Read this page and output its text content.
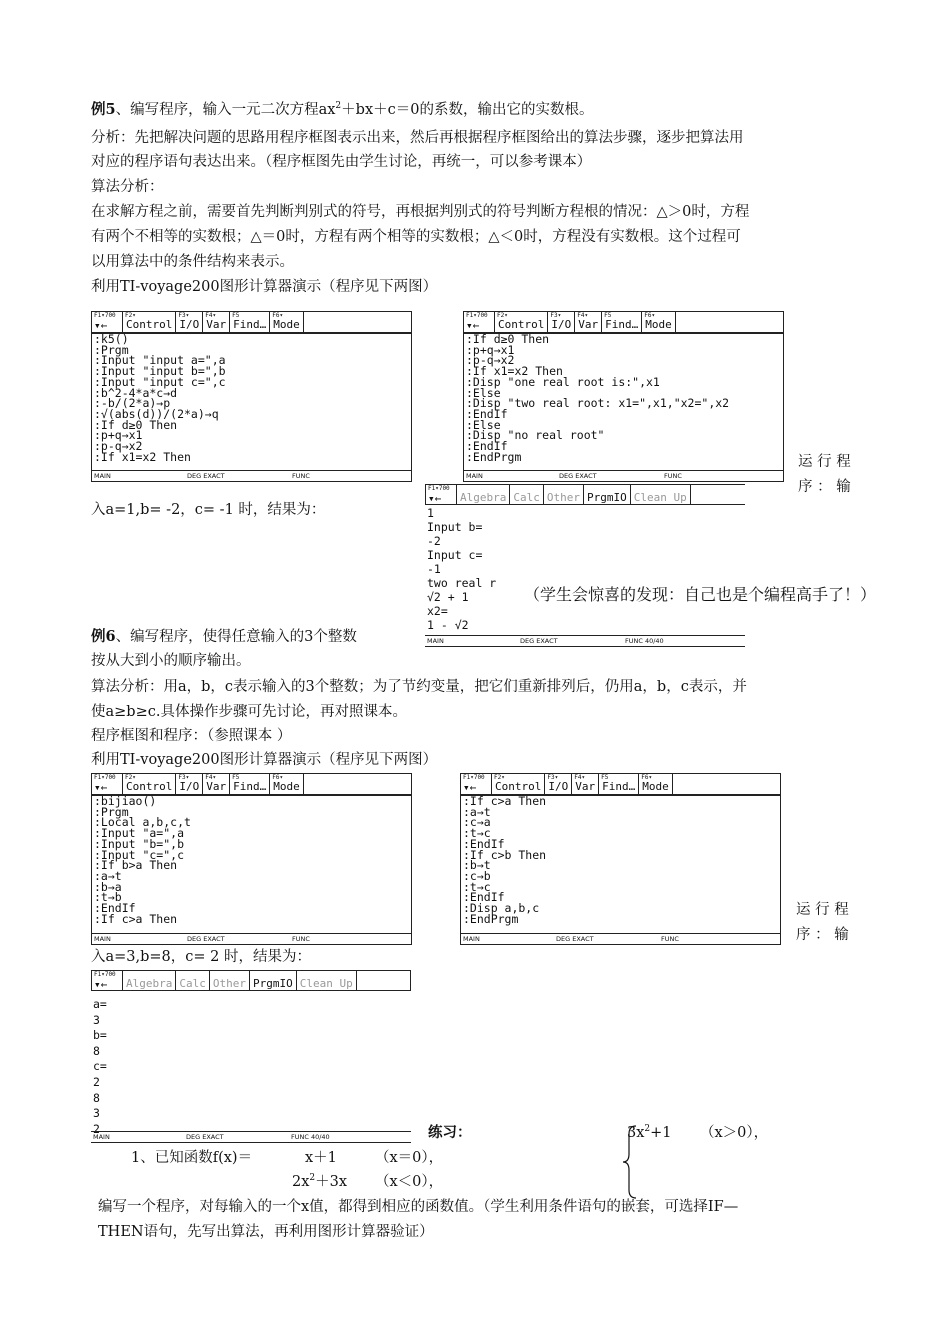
例5、编写程序，输入一元二次方程$ax^2+bx+c=0$的系数，输出它的实数根。
分析：先把解决问题的思路用程序框图表示出来，然后再根据程序框图给出的算法步骤，逐步把算法用
对应的程序语句表达出来。（程序框图先由学生讨论，再统一，可以参考课本）
算法分析：
在求解方程之前，需要首先判断判别式的符号，再根据判别式的符号判断方程根的情况：△＞0时，方程
有两个不相等的实数根；△＝0时，方程有两个相等的实数根；△＜0时，方程没有实数根。这个过程可
以用算法中的条件结构来表示。
利用TI-voyage200图形计算器演示（程序见下两图）
F1▾700
▾←
F2▾
Control
F3▾
I/O
F4▾
Var
F5
Find…
F6▾
Mode
:k5()
:Prgm
:Input "input a=",a
:Input "input b=",b
:Input "input c=",c
:b^2-4*a*c→d
:-b/(2*a)→p
:√(abs(d))/(2*a)→q
:If d≥0 Then
:p+q→x1
:p-q→x2
:If x1=x2 Then
MAIN	DEG EXACT	FUNC
F1▾700
▾←
F2▾
Control
F3▾
I/O
F4▾
Var
F5
Find…
F6▾
Mode
:If d≥0 Then
:p+q→x1
:p-q→x2
:If x1=x2 Then
:Disp "one real root is:",x1
:Else
:Disp "two real root: x1=",x1,"x2=",x2
:EndIf
:Else
:Disp "no real root"
:EndIf
:EndPrgm
MAIN	DEG EXACT	FUNC
运 行 程
序 ： 输
入a=1,b= -2，c= -1 时，结果为：
F1▾700
▾← Algebra Calc Other PrgmIO Clean Up
1
Input b=
-2
Input c=
-1
two real r
√2 + 1
x2=
1 - √2
MAIN	DEG EXACT	FUNC 40/40
（学生会惊喜的发现：自己也是个编程高手了！）
例6、编写程序，使得任意输入的3个整数
按从大到小的顺序输出。
算法分析：用a，b，c表示输入的3个整数；为了节约变量，把它们重新排列后，仍用a，b，c表示，并
使a≥b≥c.具体操作步骤可先讨论，再对照课本。
程序框图和程序：（参照课本 ）
利用TI-voyage200图形计算器演示（程序见下两图）
F1▾700
▾←
F2▾
Control
F3▾
I/O
F4▾
Var
F5
Find…
F6▾
Mode
:bijiao()
:Prgm
:Local a,b,c,t
:Input "a=",a
:Input "b=",b
:Input "c=",c
:If b>a Then
:a→t
:b→a
:t→b
:EndIf
:If c>a Then
MAIN	DEG EXACT	FUNC
F1▾700
▾←
F2▾
Control
F3▾
I/O
F4▾
Var
F5
Find…
F6▾
Mode
:If c>a Then
:a→t
:c→a
:t→c
:EndIf
:If c>b Then
:b→t
:c→b
:t→c
:EndIf
:Disp a,b,c
:EndPrgm
MAIN	DEG EXACT	FUNC
运 行 程
序 ： 输
入a=3,b=8，c= 2 时，结果为：
F1▾700
▾← Algebra Calc Other PrgmIO Clean Up
a=
3
b=
8
c=
2
8
3
2
MAIN	DEG EXACT	FUNC 40/40	练习：	$3x^2+1$ （x＞0），
1、已知函数f(x)＝	x＋1	（x＝0），
$2x^2+3x$ （x＜0），
编写一个程序，对每输入的一个x值，都得到相应的函数值。（学生利用条件语句的嵌套，可选择IF—
THEN语句，先写出算法，再利用图形计算器验证）
